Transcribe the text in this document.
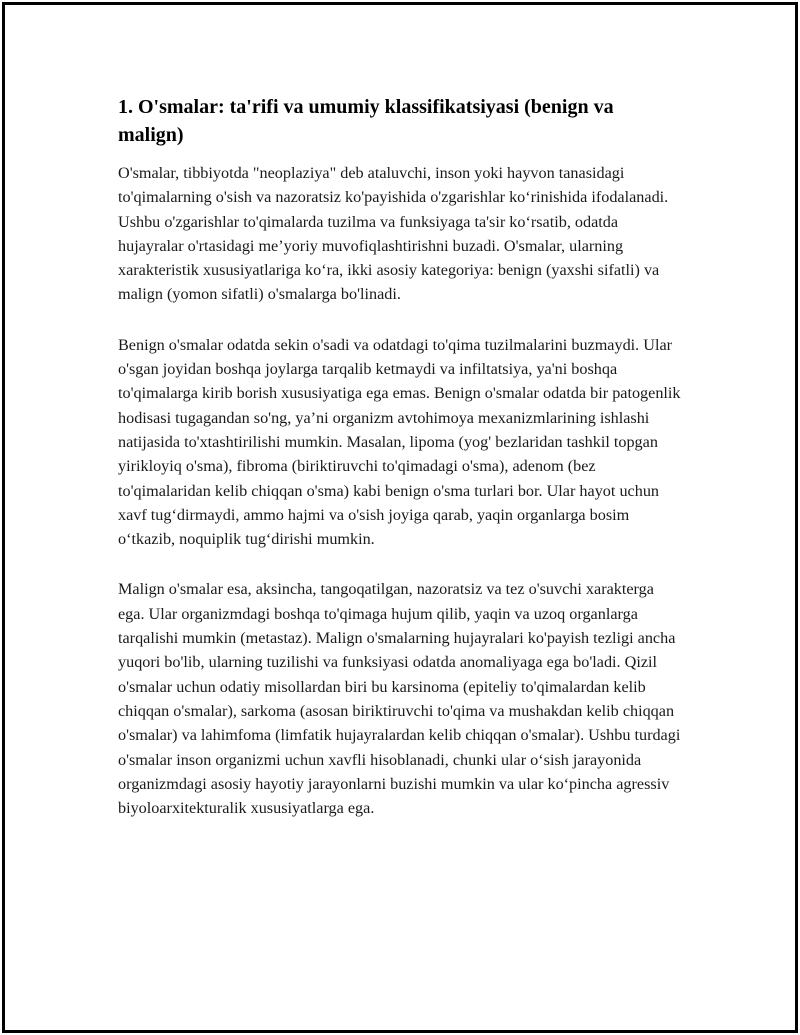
1. O'smalar: ta'rifi va umumiy klassifikatsiyasi (benign va malign)

O'smalar, tibbiyotda "neoplaziya" deb ataluvchi, inson yoki hayvon tanasidagi to'qimalarning o'sish va nazoratsiz ko'payishida o'zgarishlar koʻrinishida ifodalanadi. Ushbu o'zgarishlar to'qimalarda tuzilma va funksiyaga ta'sir koʻrsatib, odatda hujayralar o'rtasidagi me’yoriy muvofiqlashtirishni buzadi. O'smalar, ularning xarakteristik xususiyatlariga koʻra, ikki asosiy kategoriya: benign (yaxshi sifatli) va malign (yomon sifatli) o'smalarga bo'linadi.

Benign o'smalar odatda sekin o'sadi va odatdagi to'qima tuzilmalarini buzmaydi. Ular o'sgan joyidan boshqa joylarga tarqalib ketmaydi va infiltatsiya, ya'ni boshqa to'qimalarga kirib borish xususiyatiga ega emas. Benign o'smalar odatda bir patogenlik hodisasi tugagandan so'ng, ya’ni organizm avtohimoya mexanizmlarining ishlashi natijasida to'xtashtirilishi mumkin. Masalan, lipoma (yog' bezlaridan tashkil topgan yirikloyiq o'sma), fibroma (biriktiruvchi to'qimadagi o'sma), adenom (bez to'qimalaridan kelib chiqqan o'sma) kabi benign o'sma turlari bor. Ular hayot uchun xavf tugʻdirmaydi, ammo hajmi va o'sish joyiga qarab, yaqin organlarga bosim oʻtkazib, noquiplik tugʻdirishi mumkin.

Malign o'smalar esa, aksincha, tangoqatilgan, nazoratsiz va tez o'suvchi xarakterga ega. Ular organizmdagi boshqa to'qimaga hujum qilib, yaqin va uzoq organlarga tarqalishi mumkin (metastaz). Malign o'smalarning hujayralari ko'payish tezligi ancha yuqori bo'lib, ularning tuzilishi va funksiyasi odatda anomaliyaga ega bo'ladi. Qizil o'smalar uchun odatiy misollardan biri bu karsinoma (epiteliy to'qimalardan kelib chiqqan o'smalar), sarkoma (asosan biriktiruvchi to'qima va mushakdan kelib chiqqan o'smalar) va lahimfoma (limfatik hujayralardan kelib chiqqan o'smalar). Ushbu turdagi o'smalar inson organizmi uchun xavfli hisoblanadi, chunki ular oʻsish jarayonida organizmdagi asosiy hayotiy jarayonlarni buzishi mumkin va ular koʻpincha agressiv biyoloarxitekturalik xususiyatlarga ega.
